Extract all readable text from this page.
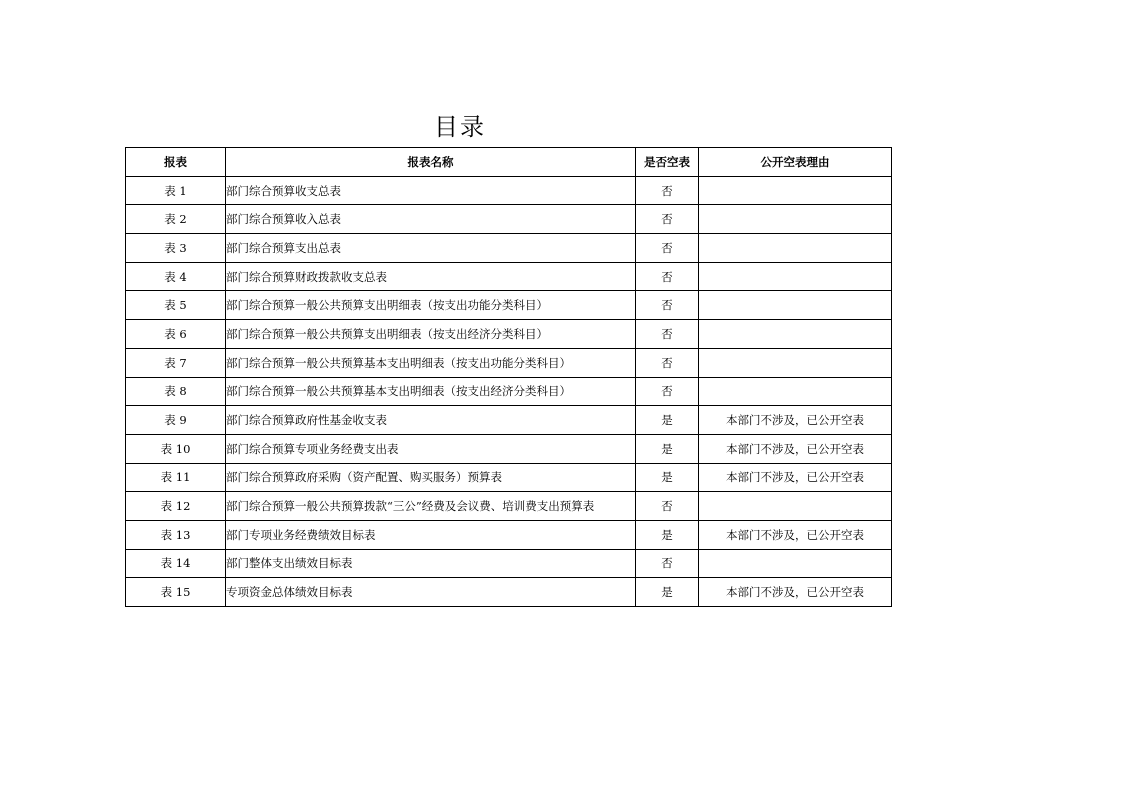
目录
报表	报表名称	是否空表	公开空表理由
表 1	部门综合预算收支总表	否	
表 2	部门综合预算收入总表	否	
表 3	部门综合预算支出总表	否	
表 4	部门综合预算财政拨款收支总表	否	
表 5	部门综合预算一般公共预算支出明细表（按支出功能分类科目）	否	
表 6	部门综合预算一般公共预算支出明细表（按支出经济分类科目）	否	
表 7	部门综合预算一般公共预算基本支出明细表（按支出功能分类科目）	否	
表 8	部门综合预算一般公共预算基本支出明细表（按支出经济分类科目）	否	
表 9	部门综合预算政府性基金收支表	是	本部门不涉及，已公开空表
表 10	部门综合预算专项业务经费支出表	是	本部门不涉及，已公开空表
表 11	部门综合预算政府采购（资产配置、购买服务）预算表	是	本部门不涉及，已公开空表
表 12	部门综合预算一般公共预算拨款“三公”经费及会议费、培训费支出预算表	否	
表 13	部门专项业务经费绩效目标表	是	本部门不涉及，已公开空表
表 14	部门整体支出绩效目标表	否	
表 15	专项资金总体绩效目标表	是	本部门不涉及，已公开空表
